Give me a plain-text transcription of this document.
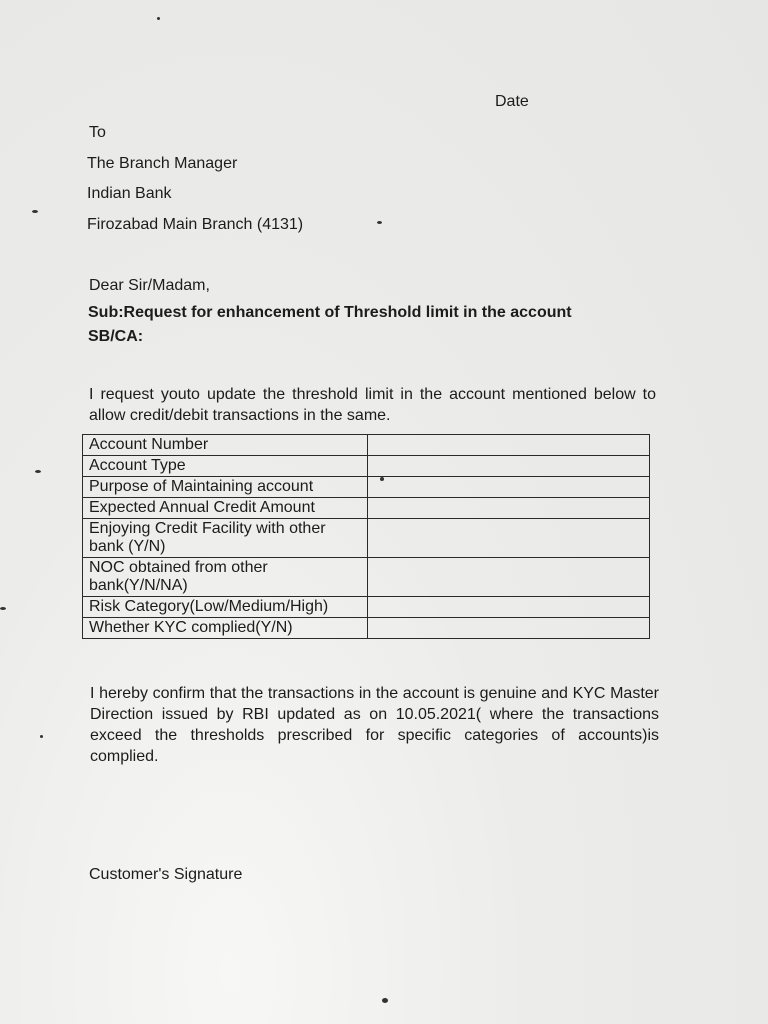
Date
To
The Branch Manager
Indian Bank
Firozabad Main Branch (4131)
Dear Sir/Madam,
Sub:Request for enhancement of Threshold limit in the account
SB/CA:
I request youto update the threshold limit in the account mentioned below to allow credit/debit transactions in the same.
Account Number	
Account Type	
Purpose of Maintaining account	
Expected Annual Credit Amount	
Enjoying Credit Facility with other bank (Y/N)	
NOC obtained from other bank(Y/N/NA)	
Risk Category(Low/Medium/High)	
Whether KYC complied(Y/N)	
I hereby confirm that the transactions in the account is genuine and KYC Master Direction issued by RBI updated as on 10.05.2021( where the transactions exceed the thresholds prescribed for specific categories of accounts)is complied.
Customer's Signature
